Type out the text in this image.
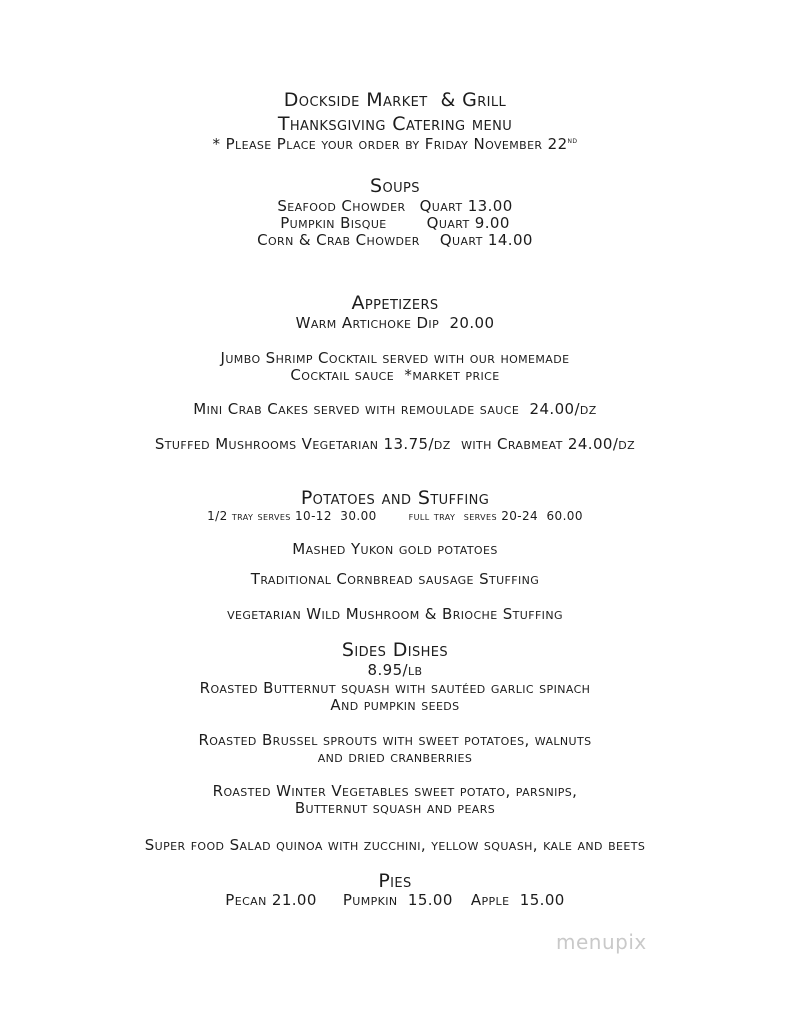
Dockside Market  & Grill
Thanksgiving Catering menu
* Please Place your order by Friday November 22nd
Soups
Seafood Chowder Quart 13.00
Pumpkin Bisque	Quart 9.00
Corn & Crab Chowder Quart 14.00
Appetizers
Warm Artichoke Dip  20.00
Jumbo Shrimp Cocktail served with our homemade
Cocktail sauce  *market price
Mini Crab Cakes served with remoulade sauce  24.00/dz
Stuffed Mushrooms Vegetarian 13.75/dz  with Crabmeat 24.00/dz
Potatoes and Stuffing
1/2 tray serves 10-12  30.00	full tray  serves 20-24  60.00
Mashed Yukon gold potatoes
Traditional Cornbread sausage Stuffing
vegetarian Wild Mushroom & Brioche Stuffing
Sides Dishes
8.95/lb
Roasted Butternut squash with sautéed garlic spinach
And pumpkin seeds
Roasted Brussel sprouts with sweet potatoes, walnuts
and dried cranberries
Roasted Winter Vegetables sweet potato, parsnips,
Butternut squash and pears
Super food Salad quinoa with zucchini, yellow squash, kale and beets
Pies
Pecan 21.00 Pumpkin  15.00 Apple  15.00
menupix
